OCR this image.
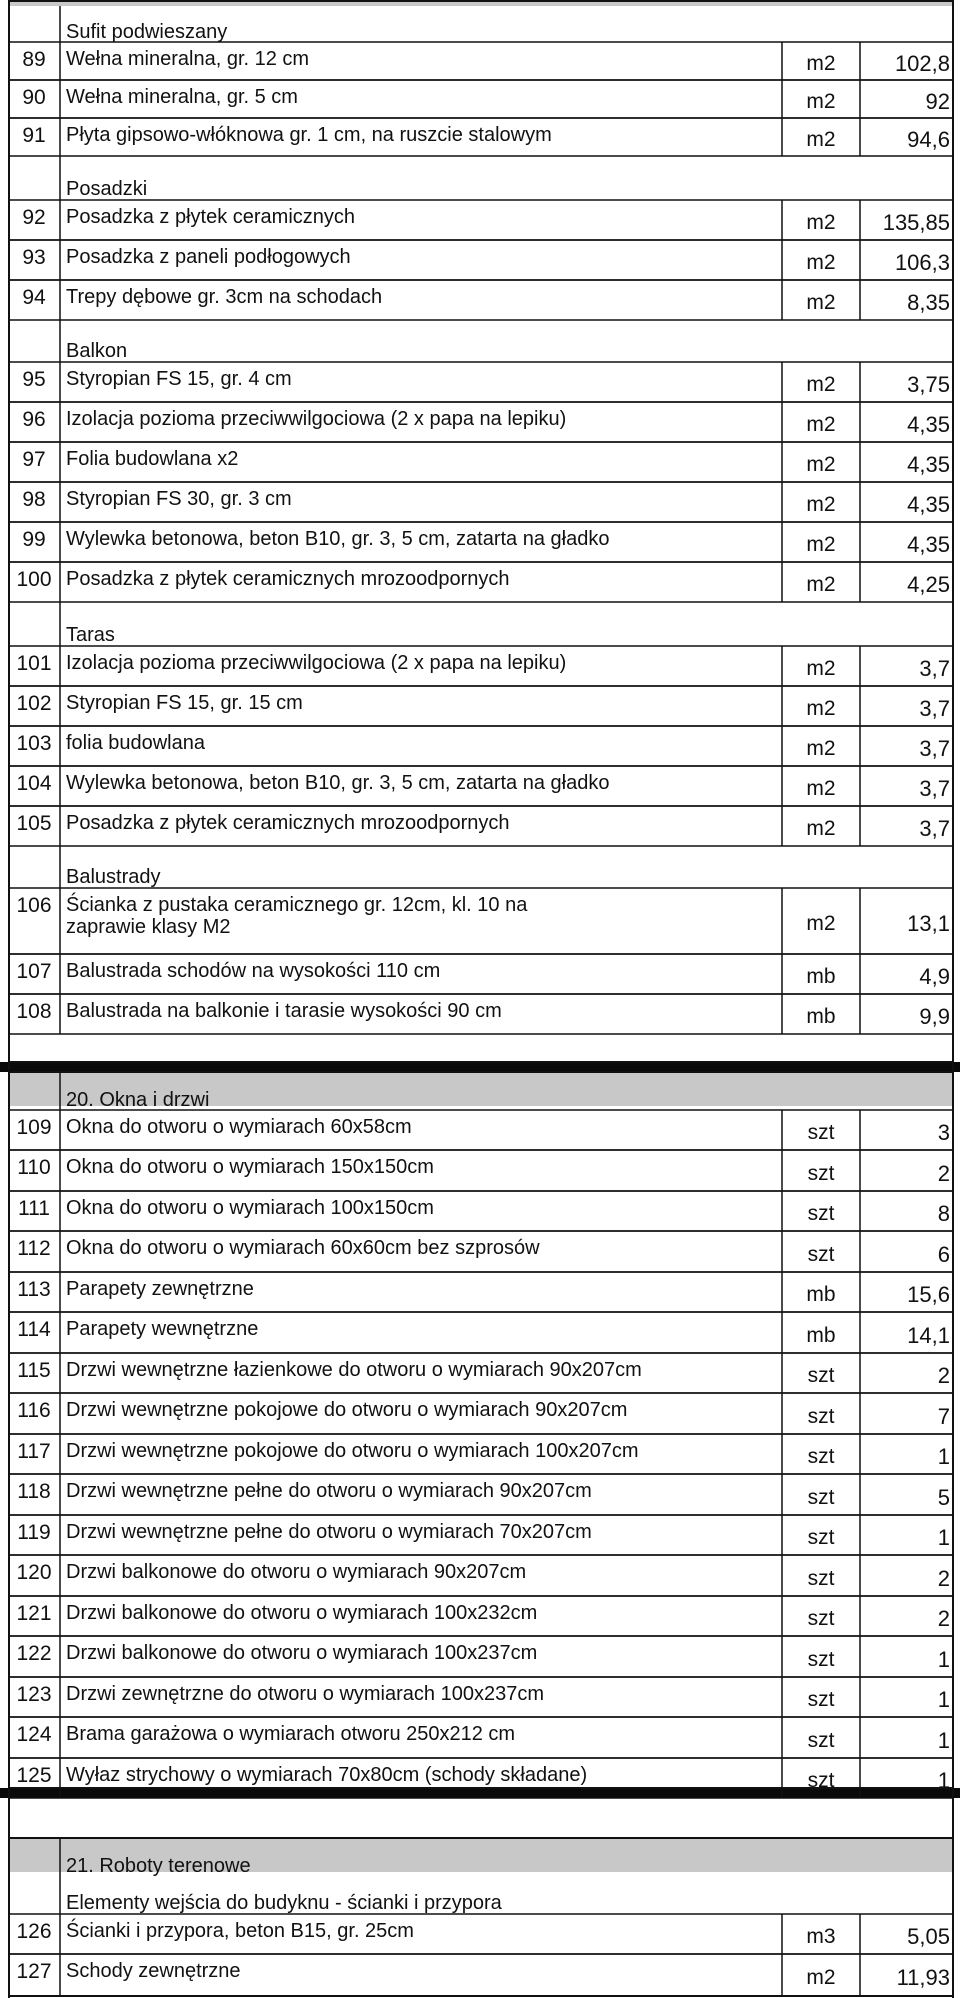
Sufit podwieszany
89	Wełna mineralna, gr. 12 cm	m2	102,8
90	Wełna mineralna, gr. 5 cm	m2	92
91	Płyta gipsowo-włóknowa gr. 1 cm, na ruszcie stalowym	m2	94,6
Posadzki
92	Posadzka z płytek ceramicznych	m2	135,85
93	Posadzka z paneli podłogowych	m2	106,3
94	Trepy dębowe gr. 3cm na schodach	m2	8,35
Balkon
95	Styropian FS 15, gr. 4 cm	m2	3,75
96	Izolacja pozioma przeciwwilgociowa (2 x papa na lepiku)	m2	4,35
97	Folia budowlana x2	m2	4,35
98	Styropian FS 30, gr. 3 cm	m2	4,35
99	Wylewka betonowa, beton B10, gr. 3, 5 cm, zatarta na gładko	m2	4,35
100 Posadzka z płytek ceramicznych mrozoodpornych	m2	4,25
Taras
101 Izolacja pozioma przeciwwilgociowa (2 x papa na lepiku)	m2	3,7
102 Styropian FS 15, gr. 15 cm	m2	3,7
103 folia budowlana	m2	3,7
104 Wylewka betonowa, beton B10, gr. 3, 5 cm, zatarta na gładko	m2	3,7
105 Posadzka z płytek ceramicznych mrozoodpornych	m2	3,7
Balustrady
106 Ścianka z pustaka ceramicznego gr. 12cm, kl. 10 na zaprawie klasy M2	m2	13,1
107 Balustrada schodów na wysokości 110 cm	mb	4,9
108 Balustrada na balkonie i tarasie wysokości 90 cm	mb	9,9
20. Okna i drzwi
109 Okna do otworu o wymiarach 60x58cm	szt	3
110 Okna do otworu o wymiarach 150x150cm	szt	2
111 Okna do otworu o wymiarach 100x150cm	szt	8
112 Okna do otworu o wymiarach 60x60cm bez szprosów	szt	6
113 Parapety zewnętrzne	mb	15,6
114 Parapety wewnętrzne	mb	14,1
115 Drzwi wewnętrzne łazienkowe do otworu o wymiarach 90x207cm	szt	2
116 Drzwi wewnętrzne pokojowe do otworu o wymiarach 90x207cm	szt	7
117 Drzwi wewnętrzne pokojowe do otworu o wymiarach 100x207cm	szt	1
118 Drzwi wewnętrzne pełne do otworu o wymiarach 90x207cm	szt	5
119 Drzwi wewnętrzne pełne do otworu o wymiarach 70x207cm	szt	1
120 Drzwi balkonowe do otworu o wymiarach 90x207cm	szt	2
121 Drzwi balkonowe do otworu o wymiarach 100x232cm	szt	2
122 Drzwi balkonowe do otworu o wymiarach 100x237cm	szt	1
123 Drzwi zewnętrzne do otworu o wymiarach 100x237cm	szt	1
124 Brama garażowa o wymiarach otworu 250x212 cm	szt	1
125 Wyłaz strychowy o wymiarach 70x80cm (schody składane)	szt	1
21. Roboty terenowe
Elementy wejścia do budyknu - ścianki i przypora
126 Ścianki i przypora, beton B15, gr. 25cm	m3	5,05
127 Schody zewnętrzne	m2	11,93
